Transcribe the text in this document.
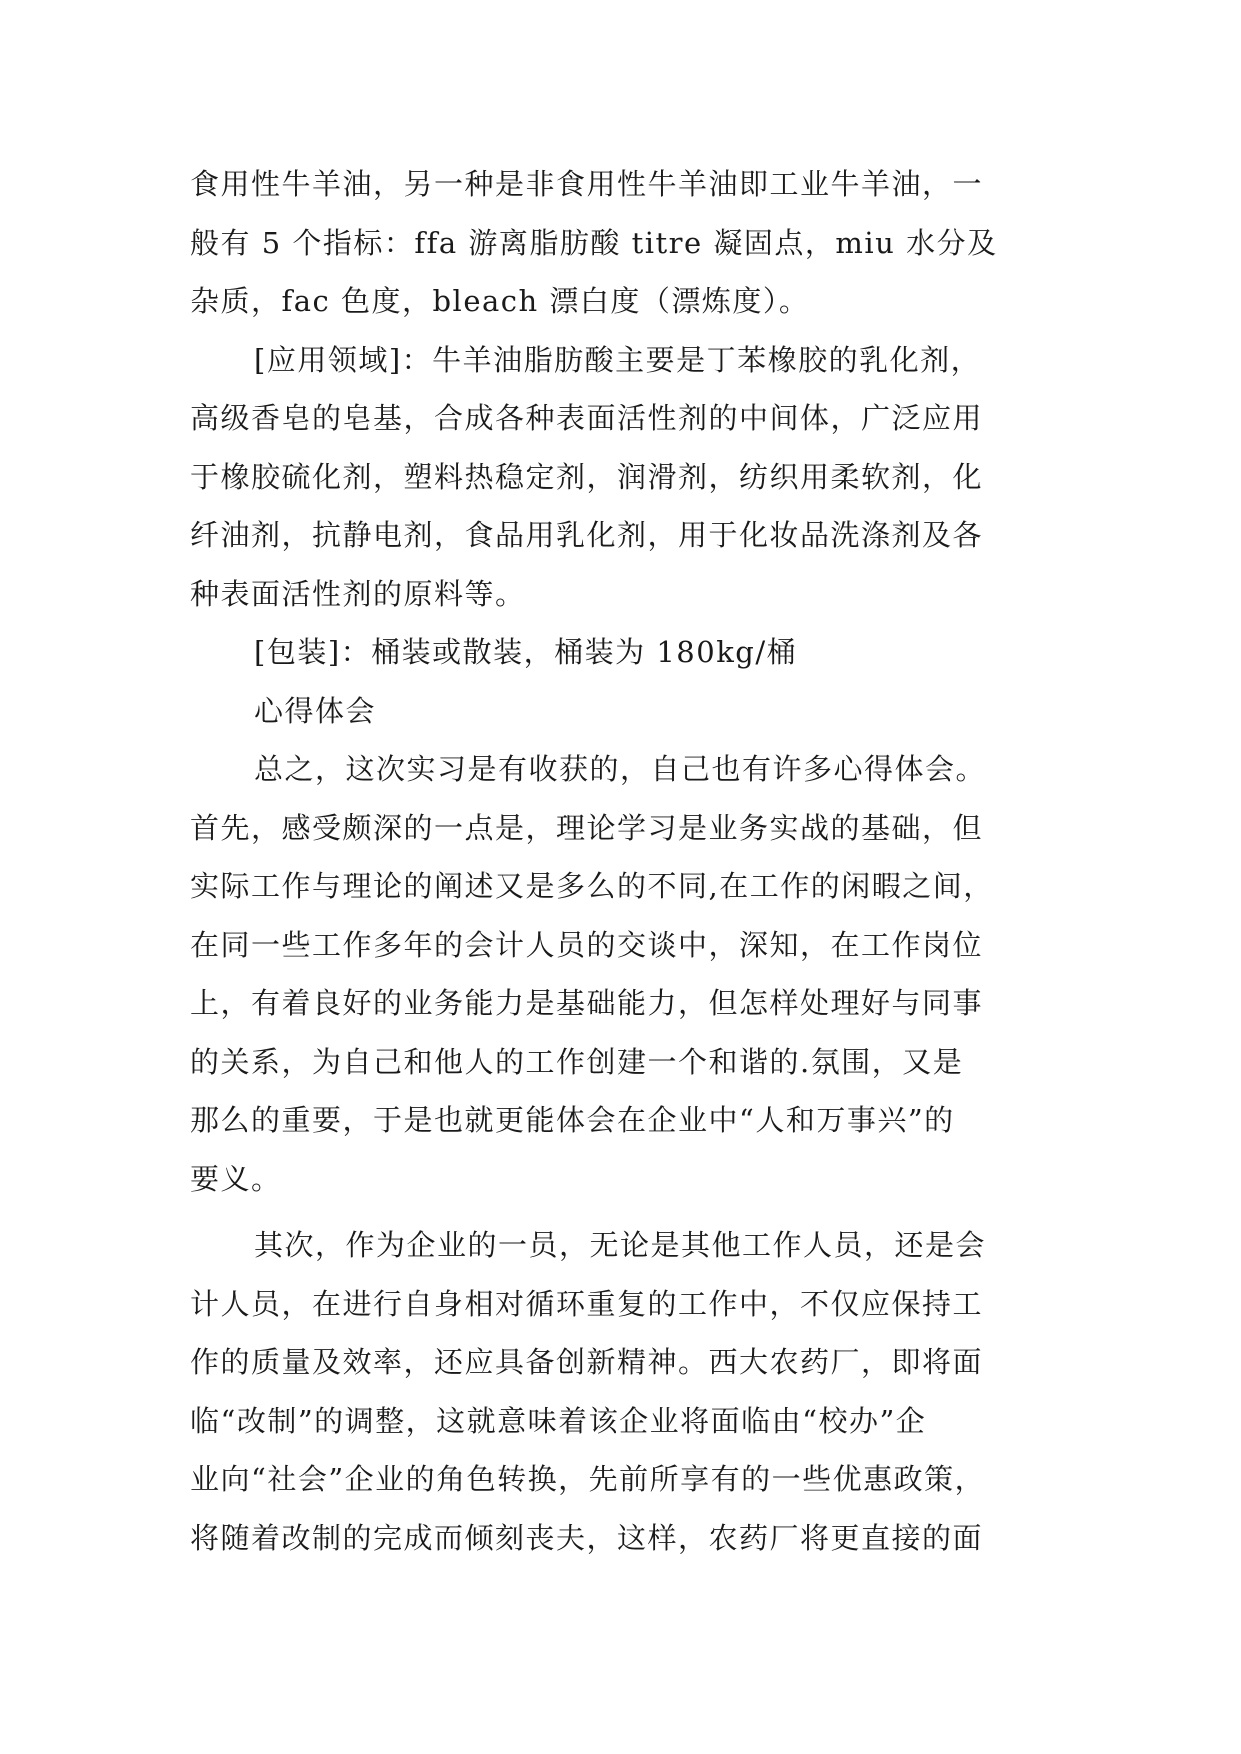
食用性牛羊油，另一种是非食用性牛羊油即工业牛羊油，一
般有 5 个指标：ffa 游离脂肪酸 titre 凝固点，miu 水分及
杂质，fac 色度，bleach 漂白度（漂炼度）。
[应用领域]：牛羊油脂肪酸主要是丁苯橡胶的乳化剂，
高级香皂的皂基，合成各种表面活性剂的中间体，广泛应用
于橡胶硫化剂，塑料热稳定剂，润滑剂，纺织用柔软剂，化
纤油剂，抗静电剂，食品用乳化剂，用于化妆品洗涤剂及各
种表面活性剂的原料等。
[包装]：桶装或散装，桶装为 180kg/桶
心得体会
总之，这次实习是有收获的，自己也有许多心得体会。
首先，感受颇深的一点是，理论学习是业务实战的基础，但
实际工作与理论的阐述又是多么的不同,在工作的闲暇之间，
在同一些工作多年的会计人员的交谈中，深知，在工作岗位
上，有着良好的业务能力是基础能力，但怎样处理好与同事
的关系，为自己和他人的工作创建一个和谐的.氛围，又是
那么的重要，于是也就更能体会在企业中“人和万事兴”的
要义。
其次，作为企业的一员，无论是其他工作人员，还是会
计人员，在进行自身相对循环重复的工作中，不仅应保持工
作的质量及效率，还应具备创新精神。西大农药厂，即将面
临“改制”的调整，这就意味着该企业将面临由“校办”企
业向“社会”企业的角色转换，先前所享有的一些优惠政策，
将随着改制的完成而倾刻丧夫，这样，农药厂将更直接的面
